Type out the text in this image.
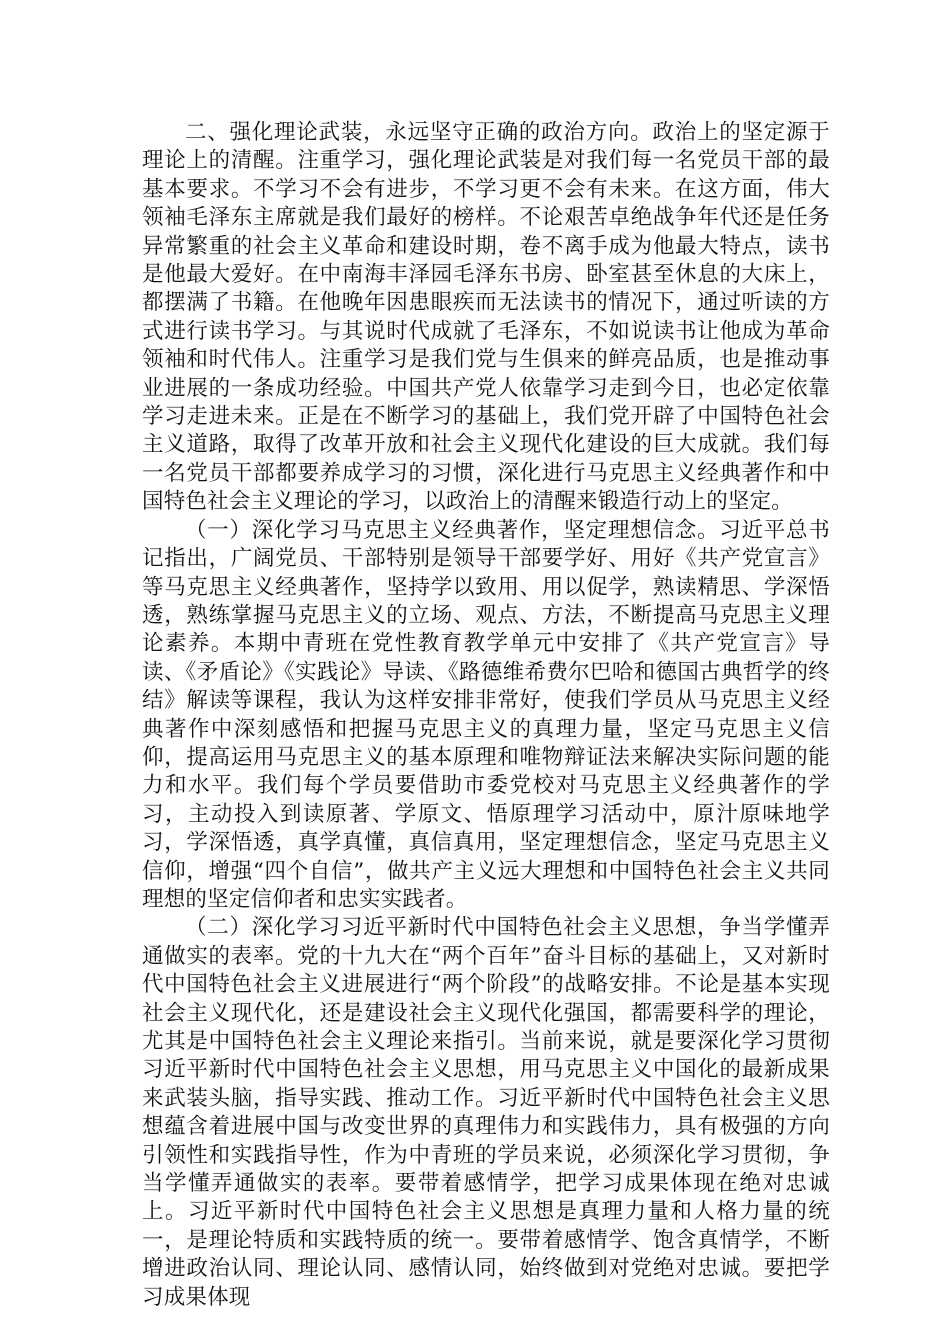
二、强化理论武装，永远坚守正确的政治方向。政治上的坚定源于理论上的清醒。注重学习，强化理论武装是对我们每一名党员干部的最基本要求。不学习不会有进步，不学习更不会有未来。在这方面，伟大领袖毛泽东主席就是我们最好的榜样。不论艰苦卓绝战争年代还是任务异常繁重的社会主义革命和建设时期，卷不离手成为他最大特点，读书是他最大爱好。在中南海丰泽园毛泽东书房、卧室甚至休息的大床上，都摆满了书籍。在他晚年因患眼疾而无法读书的情况下，通过听读的方式进行读书学习。与其说时代成就了毛泽东，不如说读书让他成为革命领袖和时代伟人。注重学习是我们党与生俱来的鲜亮品质，也是推动事业进展的一条成功经验。中国共产党人依靠学习走到今日，也必定依靠学习走进未来。正是在不断学习的基础上，我们党开辟了中国特色社会主义道路，取得了改革开放和社会主义现代化建设的巨大成就。我们每一名党员干部都要养成学习的习惯，深化进行马克思主义经典著作和中国特色社会主义理论的学习，以政治上的清醒来锻造行动上的坚定。

（一）深化学习马克思主义经典著作，坚定理想信念。习近平总书记指出，广阔党员、干部特别是领导干部要学好、用好《共产党宣言》等马克思主义经典著作，坚持学以致用、用以促学，熟读精思、学深悟透，熟练掌握马克思主义的立场、观点、方法，不断提高马克思主义理论素养。本期中青班在党性教育教学单元中安排了《共产党宣言》导读、《矛盾论》《实践论》导读、《路德维希费尔巴哈和德国古典哲学的终结》解读等课程，我认为这样安排非常好，使我们学员从马克思主义经典著作中深刻感悟和把握马克思主义的真理力量，坚定马克思主义信仰，提高运用马克思主义的基本原理和唯物辩证法来解决实际问题的能力和水平。我们每个学员要借助市委党校对马克思主义经典著作的学习，主动投入到读原著、学原文、悟原理学习活动中，原汁原味地学习，学深悟透，真学真懂，真信真用，坚定理想信念，坚定马克思主义信仰，增强“四个自信”，做共产主义远大理想和中国特色社会主义共同理想的坚定信仰者和忠实实践者。

（二）深化学习习近平新时代中国特色社会主义思想，争当学懂弄通做实的表率。党的十九大在“两个百年”奋斗目标的基础上，又对新时代中国特色社会主义进展进行“两个阶段”的战略安排。不论是基本实现社会主义现代化，还是建设社会主义现代化强国，都需要科学的理论，尤其是中国特色社会主义理论来指引。当前来说，就是要深化学习贯彻习近平新时代中国特色社会主义思想，用马克思主义中国化的最新成果来武装头脑，指导实践、推动工作。习近平新时代中国特色社会主义思想蕴含着进展中国与改变世界的真理伟力和实践伟力，具有极强的方向引领性和实践指导性，作为中青班的学员来说，必须深化学习贯彻，争当学懂弄通做实的表率。要带着感情学，把学习成果体现在绝对忠诚上。习近平新时代中国特色社会主义思想是真理力量和人格力量的统一，是理论特质和实践特质的统一。要带着感情学、饱含真情学，不断增进政治认同、理论认同、感情认同，始终做到对党绝对忠诚。要把学习成果体现
